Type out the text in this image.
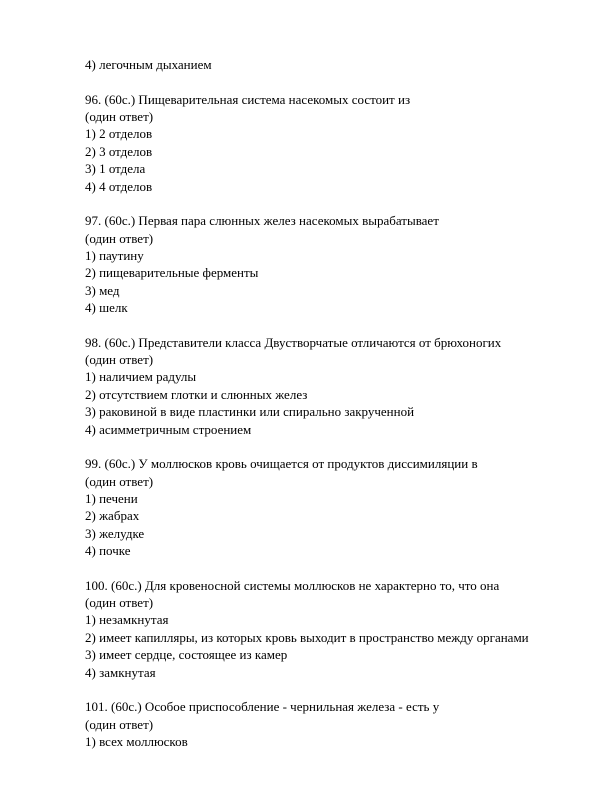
4) легочным дыханием
96. (60с.) Пищеварительная система насекомых состоит из
(один ответ)
1) 2 отделов
2) 3 отделов
3) 1 отдела
4) 4 отделов
97. (60с.) Первая пара слюнных желез насекомых вырабатывает
(один ответ)
1) паутину
2) пищеварительные ферменты
3) мед
4) шелк
98. (60с.) Представители класса Двустворчатые отличаются от брюхоногих
(один ответ)
1) наличием радулы
2) отсутствием глотки и слюнных желез
3) раковиной в виде пластинки или спирально закрученной
4) асимметричным строением
99. (60с.) У моллюсков кровь очищается от продуктов диссимиляции в
(один ответ)
1) печени
2) жабрах
3) желудке
4) почке
100. (60с.) Для кровеносной системы моллюсков не характерно то, что она
(один ответ)
1) незамкнутая
2) имеет капилляры, из которых кровь выходит в пространство между органами
3) имеет сердце, состоящее из камер
4) замкнутая
101. (60с.) Особое приспособление - чернильная железа - есть у
(один ответ)
1) всех моллюсков
